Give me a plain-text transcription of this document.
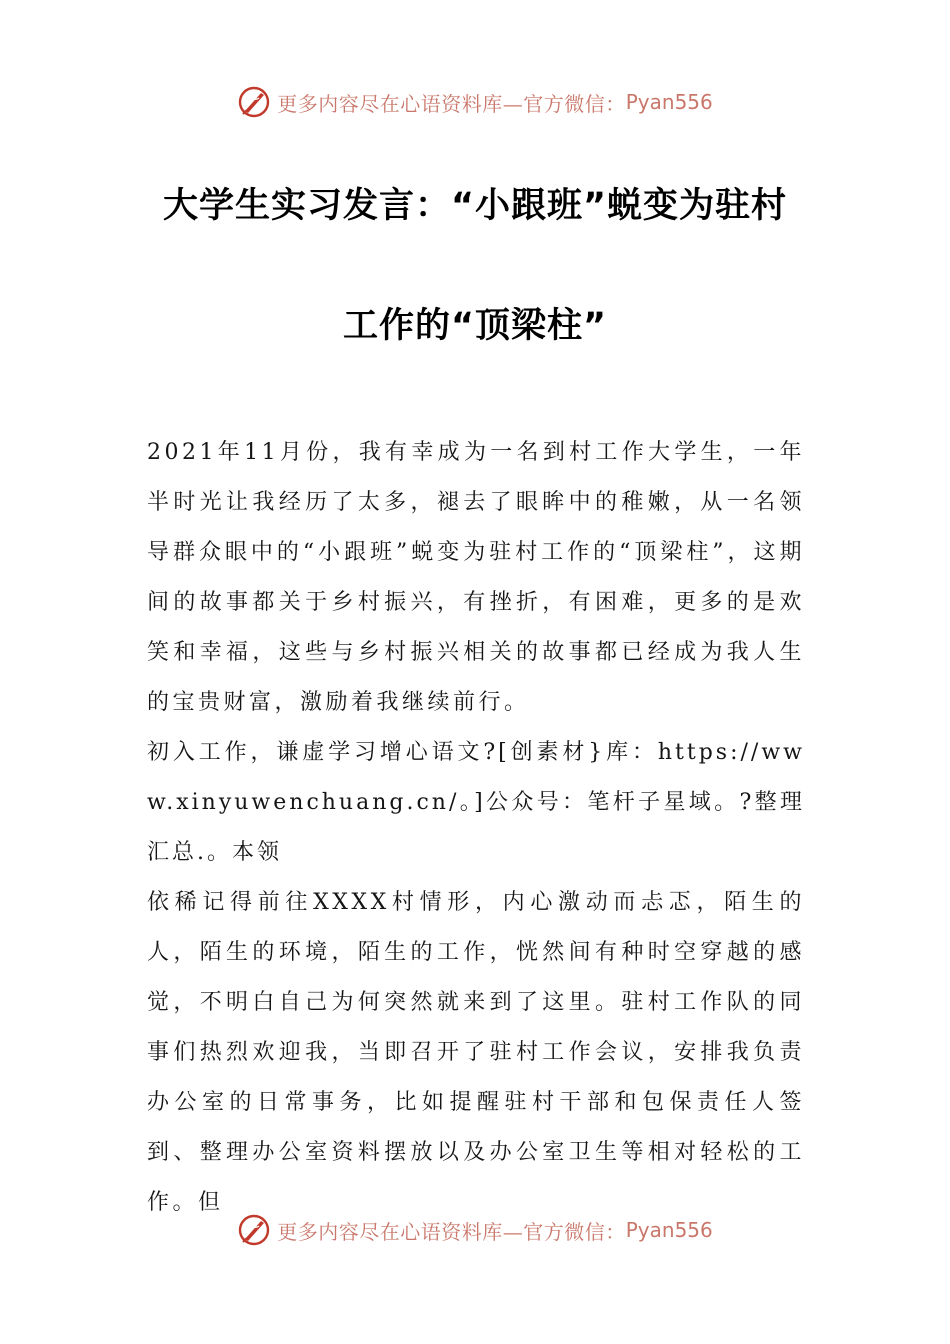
更多内容尽在心语资料库—官方微信： Pyan556
大学生实习发言：“小跟班”蜕变为驻村
工作的“顶梁柱”

2021年11月份，我有幸成为一名到村工作大学生，一年半时光让我经历了太多，褪去了眼眸中的稚嫩，从一名领导群众眼中的“小跟班”蜕变为驻村工作的“顶梁柱”，这期间的故事都关于乡村振兴，有挫折，有困难，更多的是欢笑和幸福，这些与乡村振兴相关的故事都已经成为我人生的宝贵财富，激励着我继续前行。

初入工作，谦虚学习增心语文?[创素材}库：https://www.xinyuwenchuang.cn/。]公众号：笔杆子星域。?整理汇总.。本领

依稀记得前往XXXX村情形，内心激动而忐忑，陌生的人，陌生的环境，陌生的工作，恍然间有种时空穿越的感觉，不明白自己为何突然就来到了这里。驻村工作队的同事们热烈欢迎我，当即召开了驻村工作会议，安排我负责办公室的日常事务，比如提醒驻村干部和包保责任人签到、整理办公室资料摆放以及办公室卫生等相对轻松的工作。但

更多内容尽在心语资料库—官方微信： Pyan556
